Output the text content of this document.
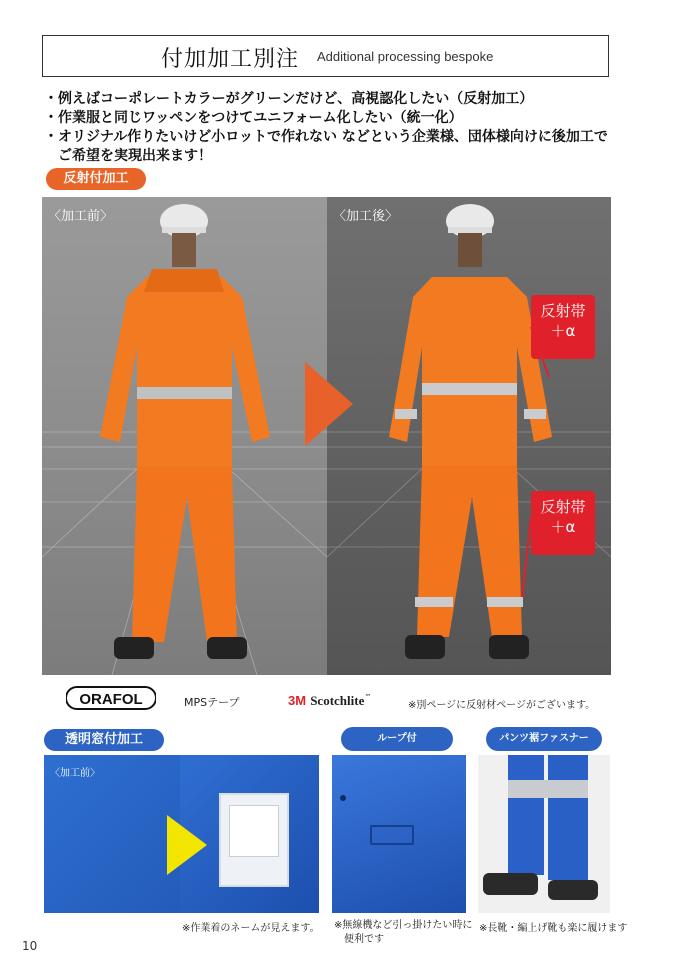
付加加工別注 Additional processing bespoke
・例えばコーポレートカラーがグリーンだけど、高視認化したい（反射加工）
・作業服と同じワッペンをつけてユニフォーム化したい（統一化）
・オリジナル作りたいけど小ロットで作れない などという企業様、団体様向けに後加工で
　ご希望を実現出来ます！
反射付加工
〈加工前〉	〈加工後〉
反射帯
＋α
反射帯
＋α
ORAFOL	MPSテープ	3M Scotchlite™
※別ページに反射材ページがございます。
透明窓付加工	ループ付	パンツ裾ファスナー
〈加工前〉
※作業着のネームが見えます。 ※無線機など引っ掛けたい時に
　便利です
※長靴・編上げ靴も楽に履けます
10
